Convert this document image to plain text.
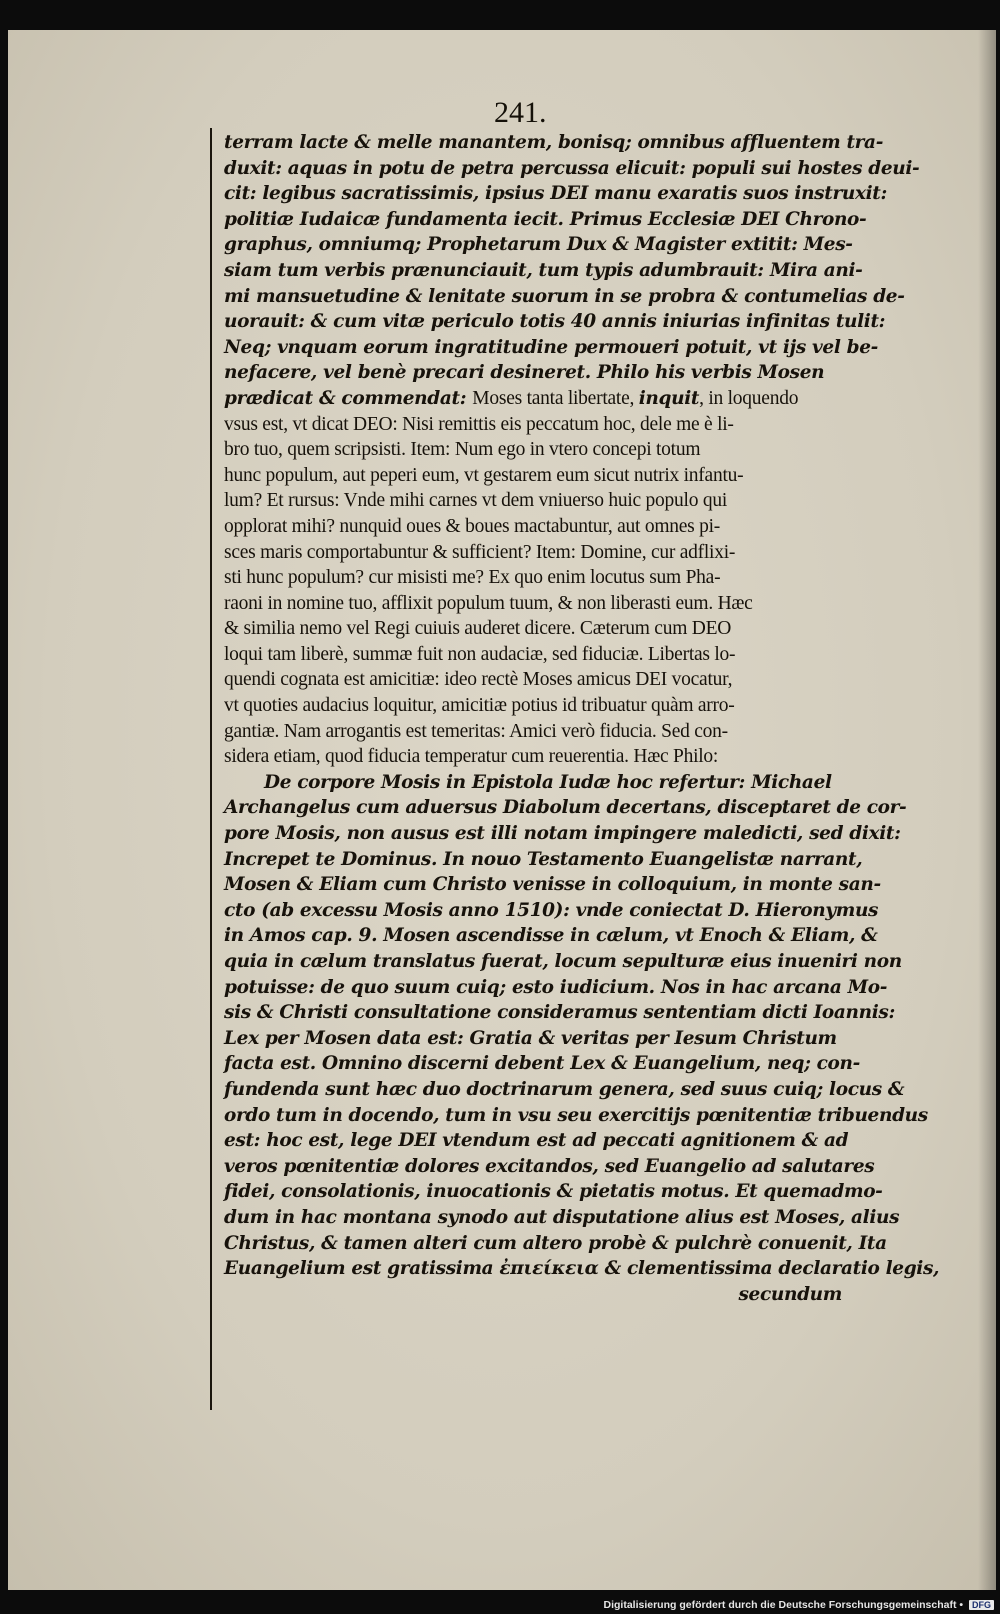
241.
terram lacte & melle manantem, bonisq; omnibus affluentem tra-
duxit: aquas in potu de petra percussa elicuit: populi sui hostes deui-
cit: legibus sacratissimis, ipsius DEI manu exaratis suos instruxit:
politiæ Iudaicæ fundamenta iecit. Primus Ecclesiæ DEI Chrono-
graphus, omniumq; Prophetarum Dux & Magister extitit: Mes-
siam tum verbis prænunciauit, tum typis adumbrauit: Mira ani-
mi mansuetudine & lenitate suorum in se probra & contumelias de-
uorauit: & cum vitæ periculo totis 40 annis iniurias infinitas tulit:
Neq; vnquam eorum ingratitudine permoueri potuit, vt ijs vel be-
nefacere, vel benè precari desineret. Philo his verbis Mosen
prædicat & commendat: Moses tanta libertate, inquit, in loquendo
vsus est, vt dicat DEO: Nisi remittis eis peccatum hoc, dele me è li-
bro tuo, quem scripsisti. Item: Num ego in vtero concepi totum
hunc populum, aut peperi eum, vt gestarem eum sicut nutrix infantu-
lum? Et rursus: Vnde mihi carnes vt dem vniuerso huic populo qui
opplorat mihi? nunquid oues & boues mactabuntur, aut omnes pi-
sces maris comportabuntur & sufficient? Item: Domine, cur adflixi-
sti hunc populum? cur misisti me? Ex quo enim locutus sum Pha-
raoni in nomine tuo, afflixit populum tuum, & non liberasti eum. Hæc
& similia nemo vel Regi cuiuis auderet dicere. Cæterum cum DEO
loqui tam liberè, summæ fuit non audaciæ, sed fiduciæ. Libertas lo-
quendi cognata est amicitiæ: ideo rectè Moses amicus DEI vocatur,
vt quoties audacius loquitur, amicitiæ potius id tribuatur quàm arro-
gantiæ. Nam arrogantis est temeritas: Amici verò fiducia. Sed con-
sidera etiam, quod fiducia temperatur cum reuerentia. Hæc Philo:
De corpore Mosis in Epistola Iudæ hoc refertur: Michael
Archangelus cum aduersus Diabolum decertans, disceptaret de cor-
pore Mosis, non ausus est illi notam impingere maledicti, sed dixit:
Increpet te Dominus. In nouo Testamento Euangelistæ narrant,
Mosen & Eliam cum Christo venisse in colloquium, in monte san-
cto (ab excessu Mosis anno 1510): vnde coniectat D. Hieronymus
in Amos cap. 9. Mosen ascendisse in cælum, vt Enoch & Eliam, &
quia in cælum translatus fuerat, locum sepulturæ eius inueniri non
potuisse: de quo suum cuiq; esto iudicium. Nos in hac arcana Mo-
sis & Christi consultatione consideramus sententiam dicti Ioannis:
Lex per Mosen data est: Gratia & veritas per Iesum Christum
facta est. Omnino discerni debent Lex & Euangelium, neq; con-
fundenda sunt hæc duo doctrinarum genera, sed suus cuiq; locus &
ordo tum in docendo, tum in vsu seu exercitijs pœnitentiæ tribuendus
est: hoc est, lege DEI vtendum est ad peccati agnitionem & ad
veros pœnitentiæ dolores excitandos, sed Euangelio ad salutares
fidei, consolationis, inuocationis & pietatis motus. Et quemadmo-
dum in hac montana synodo aut disputatione alius est Moses, alius
Christus, & tamen alteri cum altero probè & pulchrè conuenit, Ita
Euangelium est gratissima ἐπιείκεια & clementissima declaratio legis,
secundum
Digitalisierung gefördert durch die Deutsche Forschungsgemeinschaft • DFG
